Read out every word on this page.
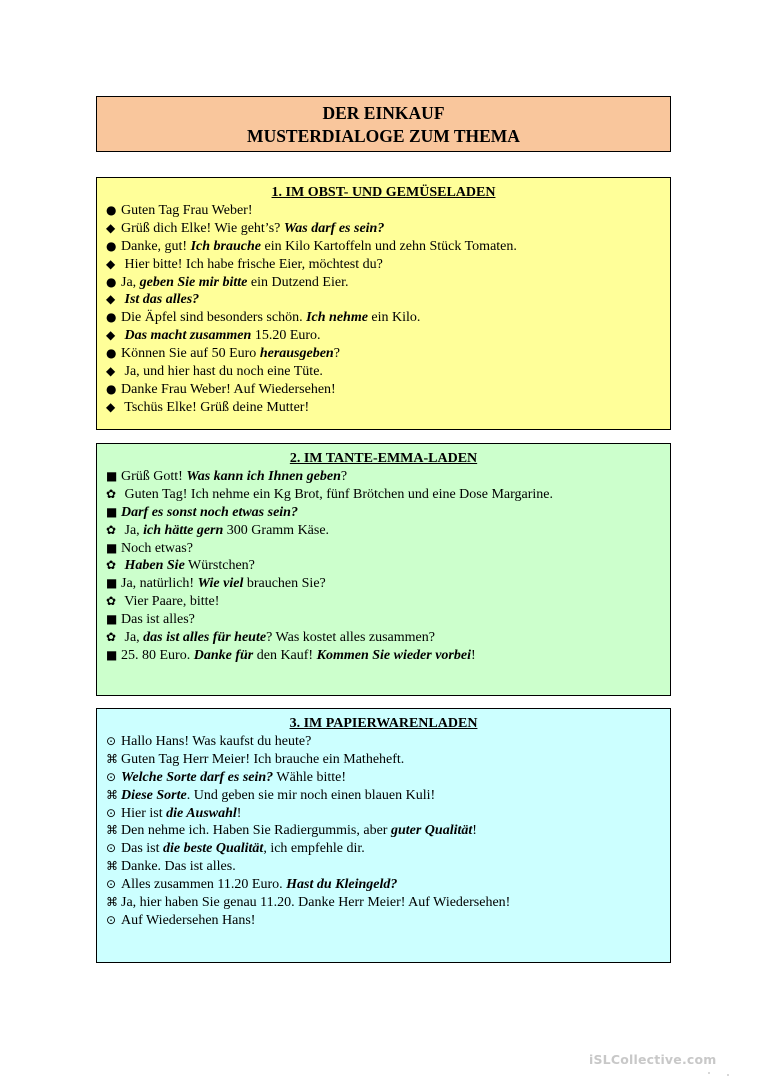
DER EINKAUF
MUSTERDIALOGE ZUM THEMA
1. IM OBST- UND GEMÜSELADEN
● Guten Tag Frau Weber!
◆ Grüß dich Elke! Wie geht’s? Was darf es sein?
● Danke, gut! Ich brauche ein Kilo Kartoffeln und zehn Stück Tomaten.
◆ Hier bitte! Ich habe frische Eier, möchtest du?
● Ja, geben Sie mir bitte ein Dutzend Eier.
◆ Ist das alles?
● Die Äpfel sind besonders schön. Ich nehme ein Kilo.
◆ Das macht zusammen 15.20 Euro.
● Können Sie auf 50 Euro herausgeben?
◆ Ja, und hier hast du noch eine Tüte.
● Danke Frau Weber! Auf Wiedersehen!
◆ Tschüs Elke! Grüß deine Mutter!
2. IM TANTE-EMMA-LADEN
■ Grüß Gott! Was kann ich Ihnen geben?
✿ Guten Tag! Ich nehme ein Kg Brot, fünf Brötchen und eine Dose Margarine.
■ Darf es sonst noch etwas sein?
✿ Ja, ich hätte gern 300 Gramm Käse.
■ Noch etwas?
✿ Haben Sie Würstchen?
■ Ja, natürlich! Wie viel brauchen Sie?
✿ Vier Paare, bitte!
■ Das ist alles?
✿ Ja, das ist alles für heute? Was kostet alles zusammen?
■ 25. 80 Euro. Danke für den Kauf! Kommen Sie wieder vorbei!
3. IM PAPIERWARENLADEN
⊙ Hallo Hans! Was kaufst du heute?
⌘ Guten Tag Herr Meier! Ich brauche ein Matheheft.
⊙ Welche Sorte darf es sein? Wähle bitte!
⌘ Diese Sorte. Und geben sie mir noch einen blauen Kuli!
⊙ Hier ist die Auswahl!
⌘ Den nehme ich. Haben Sie Radiergummis, aber guter Qualität!
⊙ Das ist die beste Qualität, ich empfehle dir.
⌘ Danke. Das ist alles.
⊙ Alles zusammen 11.20 Euro. Hast du Kleingeld?
⌘ Ja, hier haben Sie genau 11.20. Danke Herr Meier! Auf Wiedersehen!
⊙ Auf Wiedersehen Hans!
iSLCollective.com
